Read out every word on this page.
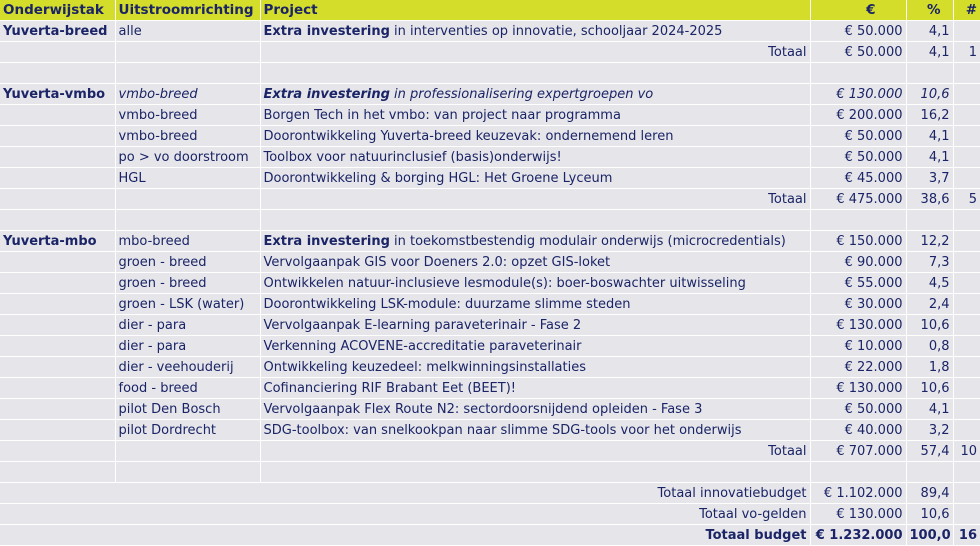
Onderwijstak	Uitstroomrichting	Project	€	%	#
Yuverta-breed	alle	Extra investering in interventies op innovatie, schooljaar 2024-2025	€ 50.000	4,1	
		Totaal	€ 50.000	4,1	1

Yuverta-vmbo	vmbo-breed	Extra investering in professionalisering expertgroepen vo	€ 130.000	10,6	
	vmbo-breed	Borgen Tech in het vmbo: van project naar programma	€ 200.000	16,2	
	vmbo-breed	Doorontwikkeling Yuverta-breed keuzevak: ondernemend leren	€ 50.000	4,1	
	po > vo doorstroom	Toolbox voor natuurinclusief (basis)onderwijs!	€ 50.000	4,1	
	HGL	Doorontwikkeling & borging HGL: Het Groene Lyceum	€ 45.000	3,7	
		Totaal	€ 475.000	38,6	5

Yuverta-mbo	mbo-breed	Extra investering in toekomstbestendig modulair onderwijs (microcredentials)	€ 150.000	12,2	
	groen - breed	Vervolgaanpak GIS voor Doeners 2.0: opzet GIS-loket	€ 90.000	7,3	
	groen - breed	Ontwikkelen natuur-inclusieve lesmodule(s): boer-boswachter uitwisseling	€ 55.000	4,5	
	groen - LSK (water)	Doorontwikkeling LSK-module: duurzame slimme steden	€ 30.000	2,4	
	dier - para	Vervolgaanpak E-learning paraveterinair - Fase 2	€ 130.000	10,6	
	dier - para	Verkenning ACOVENE-accreditatie paraveterinair	€ 10.000	0,8	
	dier - veehouderij	Ontwikkeling keuzedeel: melkwinningsinstallaties	€ 22.000	1,8	
	food - breed	Cofinanciering RIF Brabant Eet (BEET)!	€ 130.000	10,6	
	pilot Den Bosch	Vervolgaanpak Flex Route N2: sectordoorsnijdend opleiden - Fase 3	€ 50.000	4,1	
	pilot Dordrecht	SDG-toolbox: van snelkookpan naar slimme SDG-tools voor het onderwijs	€ 40.000	3,2	
		Totaal	€ 707.000	57,4	10

Totaal innovatiebudget			€ 1.102.000	89,4	
Totaal vo-gelden			€ 130.000	10,6	
Totaal budget			€ 1.232.000	100,0	16
